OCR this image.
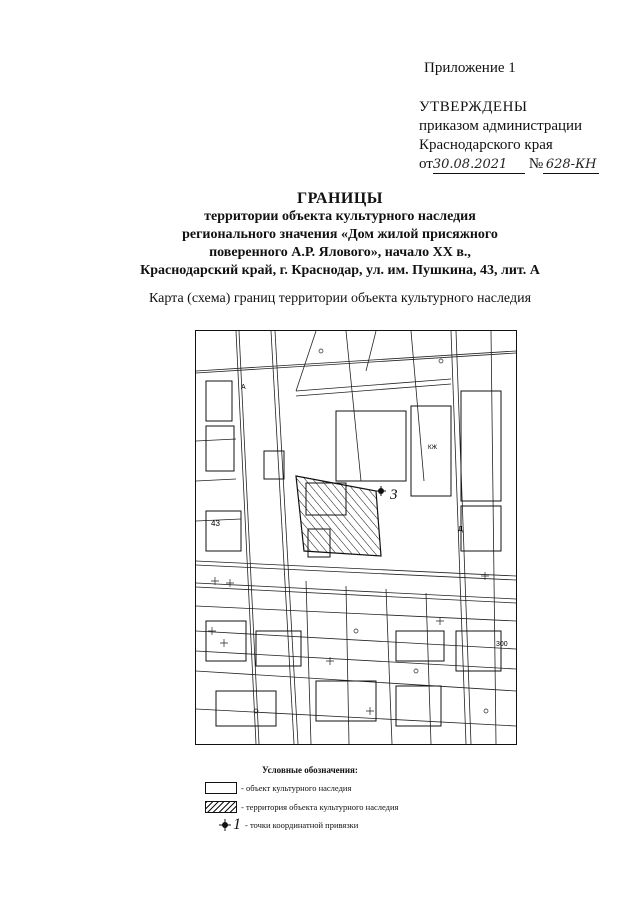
Приложение 1
УТВЕРЖДЕНЫ
приказом администрации
Краснодарского края
от30.08.2021 № 628-КН
ГРАНИЦЫ
территории объекта культурного наследия
регионального значения «Дом жилой присяжного
поверенного А.Р. Ялового», начало XX в.,
Краснодарский край, г. Краснодар, ул. им. Пушкина, 43, лит. А
Карта (схема) границ территории объекта культурного наследия
3
43
А
КЖ
300
Д
Условные обозначения:
- объект культурного наследия
- территория объекта культурного наследия
1 - точки координатной привязки
